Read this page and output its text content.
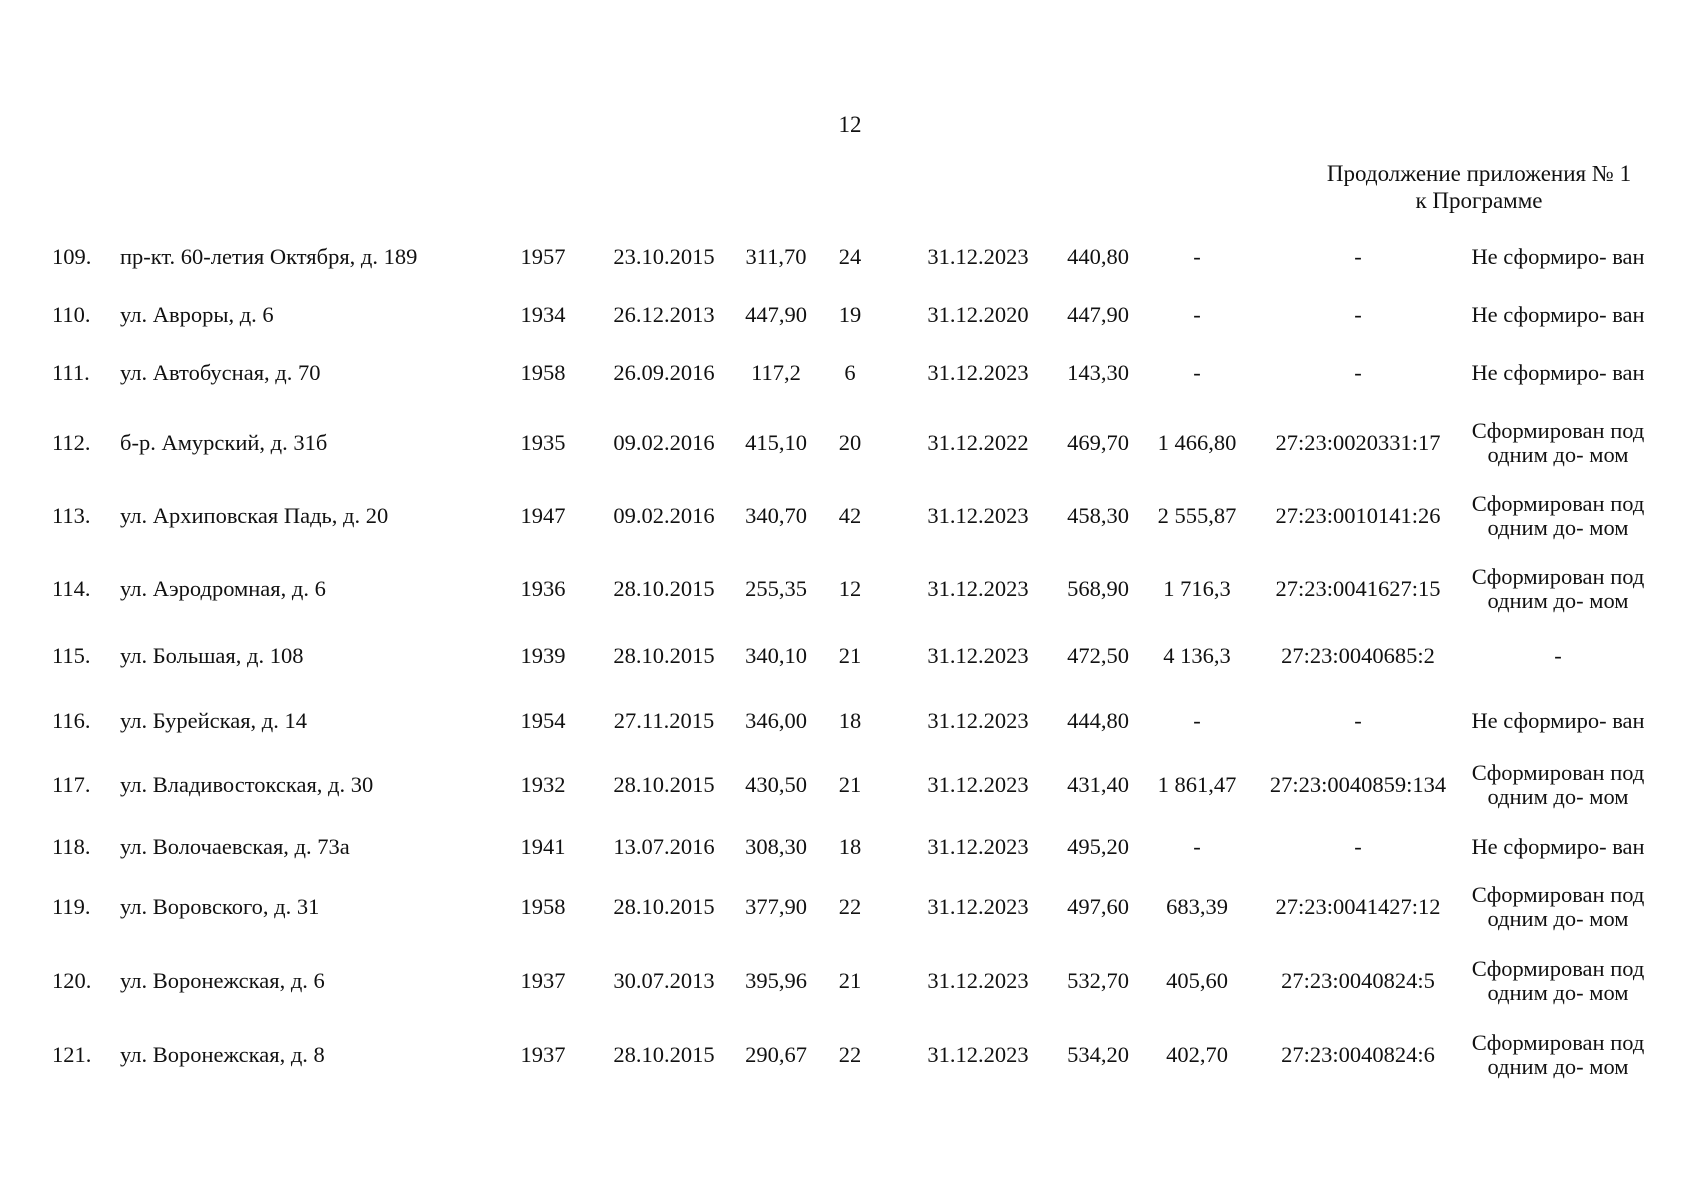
12
Продолжение приложения № 1
к Программе
109.	пр-кт. 60-летия Октября, д. 189	1957	23.10.2015	311,70	24	31.12.2023	440,80	-	-	Не сформиро- ван
110.	ул. Авроры, д. 6	1934	26.12.2013	447,90	19	31.12.2020	447,90	-	-	Не сформиро- ван
111.	ул. Автобусная, д. 70	1958	26.09.2016	117,2	6	31.12.2023	143,30	-	-	Не сформиро- ван
112.	б-р. Амурский, д. 31б	1935	09.02.2016	415,10	20	31.12.2022	469,70	1 466,80	27:23:0020331:17	Сформирован под одним до- мом
113.	ул. Архиповская Падь, д. 20	1947	09.02.2016	340,70	42	31.12.2023	458,30	2 555,87	27:23:0010141:26	Сформирован под одним до- мом
114.	ул. Аэродромная, д. 6	1936	28.10.2015	255,35	12	31.12.2023	568,90	1 716,3	27:23:0041627:15	Сформирован под одним до- мом
115.	ул. Большая, д. 108	1939	28.10.2015	340,10	21	31.12.2023	472,50	4 136,3	27:23:0040685:2	-
116.	ул. Бурейская, д. 14	1954	27.11.2015	346,00	18	31.12.2023	444,80	-	-	Не сформиро- ван
117.	ул. Владивостокская, д. 30	1932	28.10.2015	430,50	21	31.12.2023	431,40	1 861,47	27:23:0040859:134	Сформирован под одним до- мом
118.	ул. Волочаевская, д. 73а	1941	13.07.2016	308,30	18	31.12.2023	495,20	-	-	Не сформиро- ван
119.	ул. Воровского, д. 31	1958	28.10.2015	377,90	22	31.12.2023	497,60	683,39	27:23:0041427:12	Сформирован под одним до- мом
120.	ул. Воронежская, д. 6	1937	30.07.2013	395,96	21	31.12.2023	532,70	405,60	27:23:0040824:5	Сформирован под одним до- мом
121.	ул. Воронежская, д. 8	1937	28.10.2015	290,67	22	31.12.2023	534,20	402,70	27:23:0040824:6	Сформирован под одним до- мом
